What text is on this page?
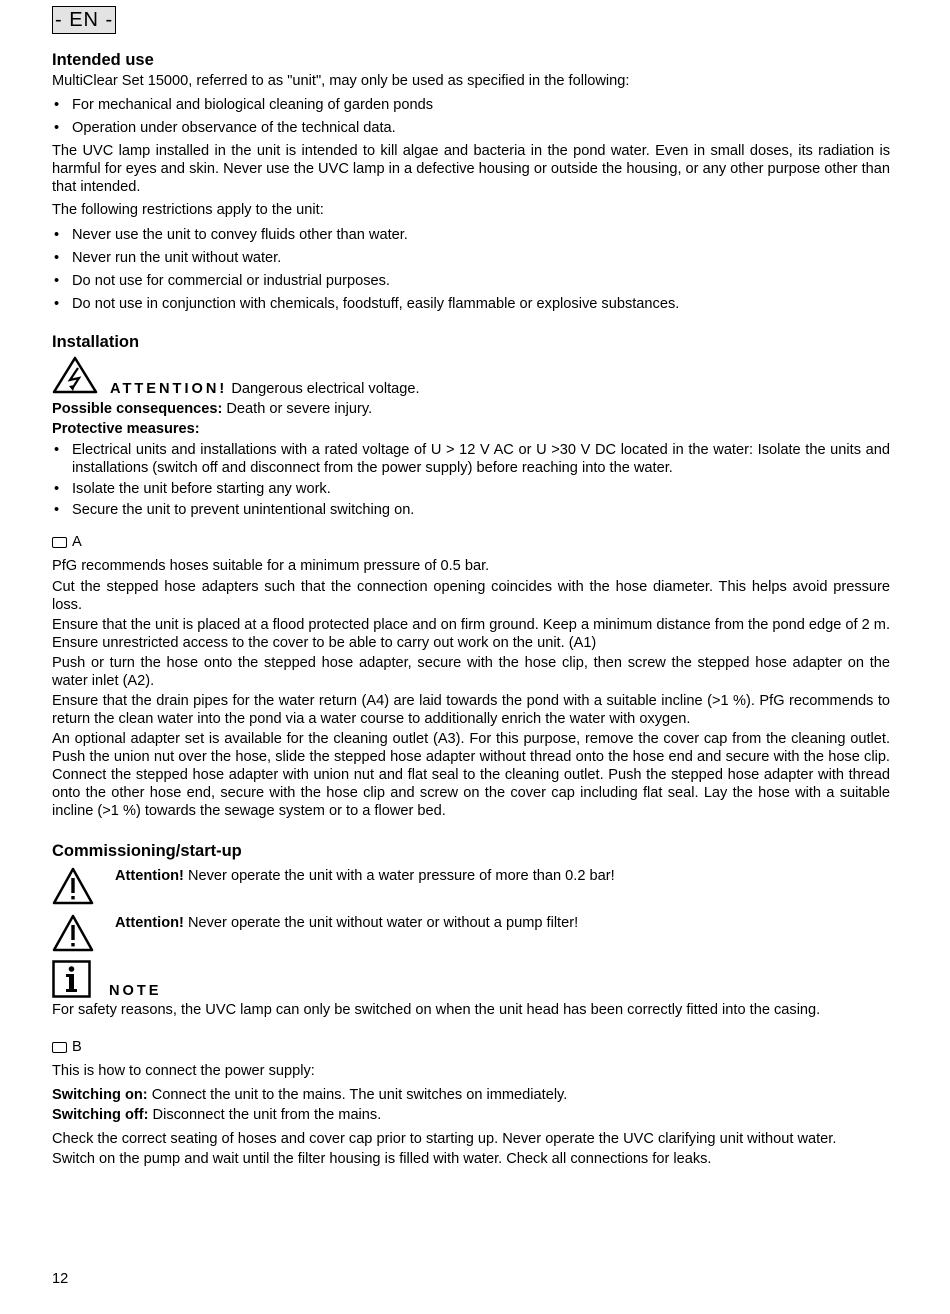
- EN -
Intended use

MultiClear Set 15000, referred to as "unit", may only be used as specified in the following:

• For mechanical and biological cleaning of garden ponds
• Operation under observance of the technical data.

The UVC lamp installed in the unit is intended to kill algae and bacteria in the pond water. Even in small doses, its radiation is harmful for eyes and skin. Never use the UVC lamp in a defective housing or outside the housing, or any other purpose other than that intended.

The following restrictions apply to the unit:

• Never use the unit to convey fluids other than water.
• Never run the unit without water.
• Do not use for commercial or industrial purposes.
• Do not use in conjunction with chemicals, foodstuff, easily flammable or explosive substances.
Installation
ATTENTION! Dangerous electrical voltage.

Possible consequences: Death or severe injury.

Protective measures:

• Electrical units and installations with a rated voltage of U > 12 V AC or U >30 V DC located in the water: Isolate the units and installations (switch off and disconnect from the power supply) before reaching into the water.
• Isolate the unit before starting any work.
• Secure the unit to prevent unintentional switching on.
A

PfG recommends hoses suitable for a minimum pressure of 0.5 bar.

Cut the stepped hose adapters such that the connection opening coincides with the hose diameter. This helps avoid pressure loss.

Ensure that the unit is placed at a flood protected place and on firm ground. Keep a minimum distance from the pond edge of 2 m. Ensure unrestricted access to the cover to be able to carry out work on the unit. (A1)

Push or turn the hose onto the stepped hose adapter, secure with the hose clip, then screw the stepped hose adapter on the water inlet (A2).

Ensure that the drain pipes for the water return (A4) are laid towards the pond with a suitable incline (>1 %). PfG recommends to return the clean water into the pond via a water course to additionally enrich the water with oxygen.

An optional adapter set is available for the cleaning outlet (A3). For this purpose, remove the cover cap from the cleaning outlet. Push the union nut over the hose, slide the stepped hose adapter without thread onto the hose end and secure with the hose clip. Connect the stepped hose adapter with union nut and flat seal to the cleaning outlet. Push the stepped hose adapter with thread onto the other hose end, secure with the hose clip and screw on the cover cap including flat seal. Lay the hose with a suitable incline (>1 %) towards the sewage system or to a flower bed.

Commissioning/start-up
Attention! Never operate the unit with a water pressure of more than 0.2 bar!
Attention! Never operate the unit without water or without a pump filter!
NOTE

For safety reasons, the UVC lamp can only be switched on when the unit head has been correctly fitted into the casing.

B

This is how to connect the power supply:

Switching on: Connect the unit to the mains. The unit switches on immediately.

Switching off: Disconnect the unit from the mains.

Check the correct seating of hoses and cover cap prior to starting up. Never operate the UVC clarifying unit without water.

Switch on the pump and wait until the filter housing is filled with water. Check all connections for leaks.

12
